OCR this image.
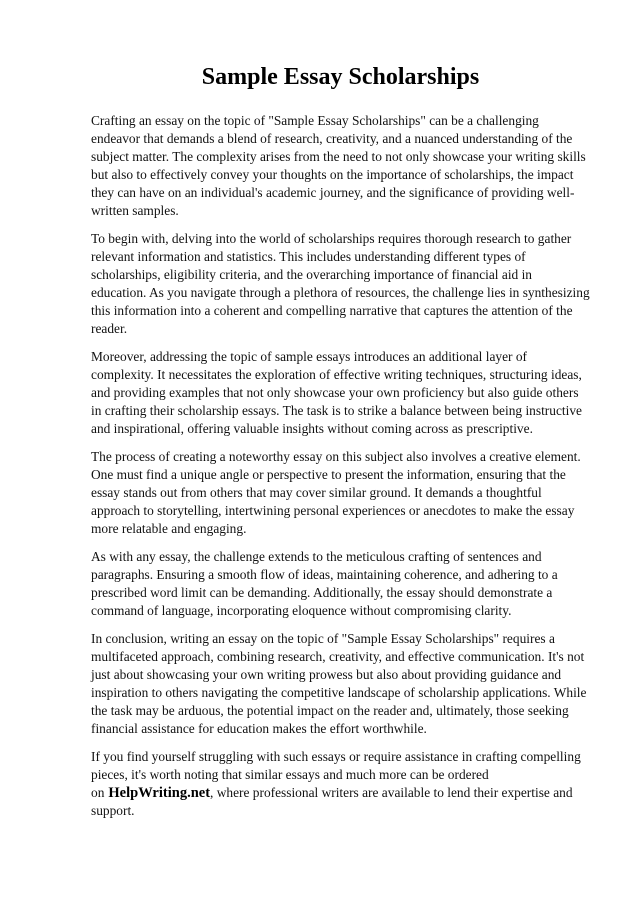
Sample Essay Scholarships

Crafting an essay on the topic of "Sample Essay Scholarships" can be a challenging endeavor that demands a blend of research, creativity, and a nuanced understanding of the subject matter. The complexity arises from the need to not only showcase your writing skills but also to effectively convey your thoughts on the importance of scholarships, the impact they can have on an individual's academic journey, and the significance of providing well-written samples.

To begin with, delving into the world of scholarships requires thorough research to gather relevant information and statistics. This includes understanding different types of scholarships, eligibility criteria, and the overarching importance of financial aid in education. As you navigate through a plethora of resources, the challenge lies in synthesizing this information into a coherent and compelling narrative that captures the attention of the reader.

Moreover, addressing the topic of sample essays introduces an additional layer of complexity. It necessitates the exploration of effective writing techniques, structuring ideas, and providing examples that not only showcase your own proficiency but also guide others in crafting their scholarship essays. The task is to strike a balance between being instructive and inspirational, offering valuable insights without coming across as prescriptive.

The process of creating a noteworthy essay on this subject also involves a creative element. One must find a unique angle or perspective to present the information, ensuring that the essay stands out from others that may cover similar ground. It demands a thoughtful approach to storytelling, intertwining personal experiences or anecdotes to make the essay more relatable and engaging.

As with any essay, the challenge extends to the meticulous crafting of sentences and paragraphs. Ensuring a smooth flow of ideas, maintaining coherence, and adhering to a prescribed word limit can be demanding. Additionally, the essay should demonstrate a command of language, incorporating eloquence without compromising clarity.

In conclusion, writing an essay on the topic of "Sample Essay Scholarships" requires a multifaceted approach, combining research, creativity, and effective communication. It's not just about showcasing your own writing prowess but also about providing guidance and inspiration to others navigating the competitive landscape of scholarship applications. While the task may be arduous, the potential impact on the reader and, ultimately, those seeking financial assistance for education makes the effort worthwhile.

If you find yourself struggling with such essays or require assistance in crafting compelling pieces, it's worth noting that similar essays and much more can be ordered on HelpWriting.net, where professional writers are available to lend their expertise and support.
